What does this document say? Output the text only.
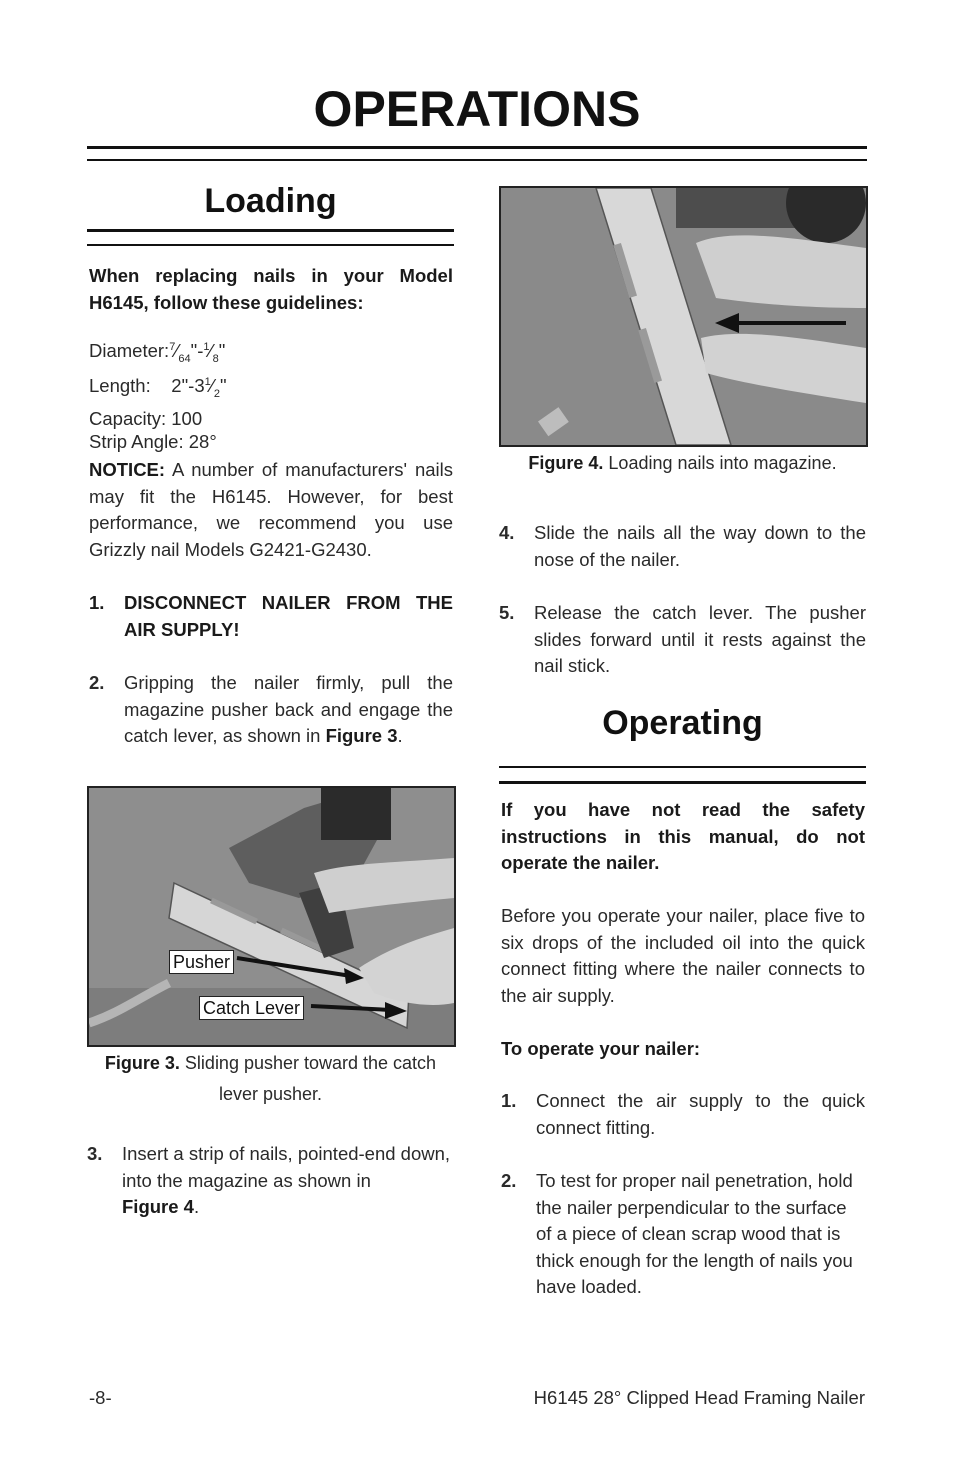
OPERATIONS
Loading
When replacing nails in your Model H6145, follow these guidelines:
$Diameter:^7⁄_{64}"-^1⁄_8$"
Length: $2"-3^1⁄_2$"
Capacity: 100
Strip Angle: 28°
NOTICE: A number of manufacturers' nails may fit the H6145. However, for best performance, we recommend you use Grizzly nail Models G2421-G2430.
1.	DISCONNECT NAILER FROM THE AIR SUPPLY!
2.	Gripping the nailer firmly, pull the magazine pusher back and engage the catch lever, as shown in Figure 3.
Pusher
Catch Lever
Figure 3. Sliding pusher toward the catch lever pusher.
3.	Insert a strip of nails, pointed-end down, into the magazine as shown in
Figure 4.
Figure 4. Loading nails into magazine.
4.	Slide the nails all the way down to the nose of the nailer.
5.	Release the catch lever. The pusher slides forward until it rests against the nail stick.
Operating
If you have not read the safety instructions in this manual, do not operate the nailer.
Before you operate your nailer, place five to six drops of the included oil into the quick connect fitting where the nailer connects to the air supply.
To operate your nailer:
1.	Connect the air supply to the quick connect fitting.
2.	To test for proper nail penetration, hold the nailer perpendicular to the surface of a piece of clean scrap wood that is thick enough for the length of nails you have loaded.
-8-	H6145 28° Clipped Head Framing Nailer
